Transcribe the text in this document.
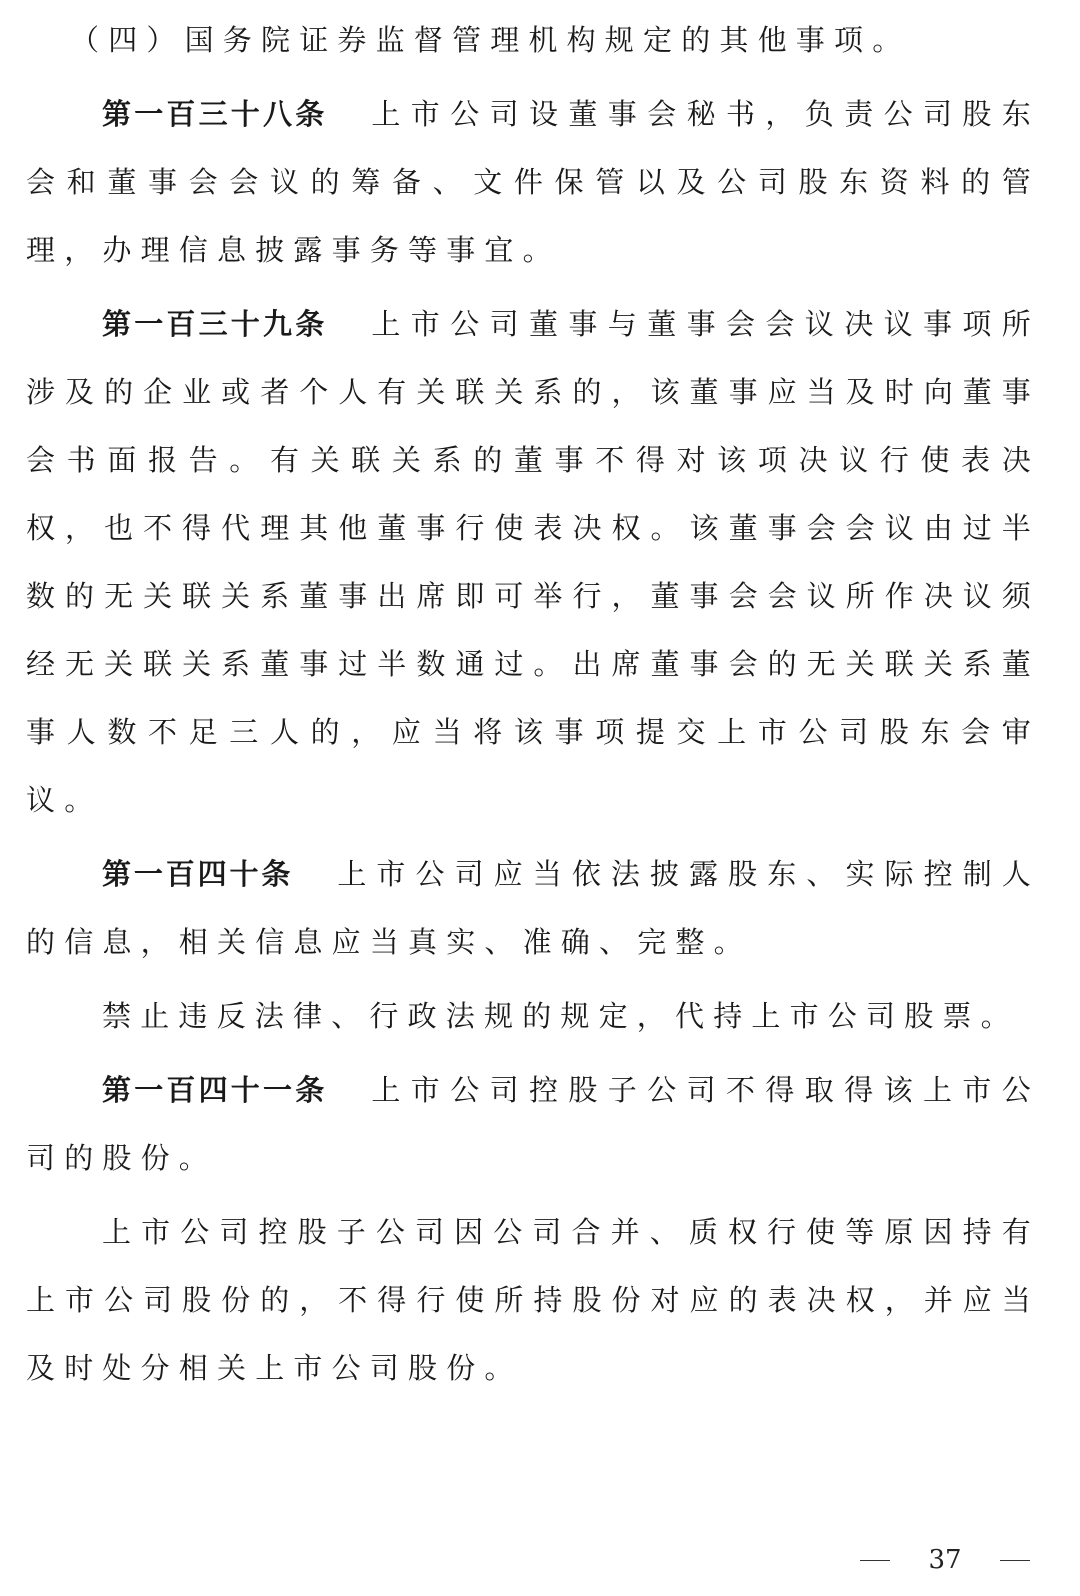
（四）国务院证券监督管理机构规定的其他事项。

第一百三十八条 上市公司设董事会秘书，负责公司股东会和董事会会议的筹备、文件保管以及公司股东资料的管理，办理信息披露事务等事宜。

第一百三十九条 上市公司董事与董事会会议决议事项所涉及的企业或者个人有关联关系的，该董事应当及时向董事会书面报告。有关联关系的董事不得对该项决议行使表决权，也不得代理其他董事行使表决权。该董事会会议由过半数的无关联关系董事出席即可举行，董事会会议所作决议须经无关联关系董事过半数通过。出席董事会的无关联关系董事人数不足三人的，应当将该事项提交上市公司股东会审议。

第一百四十条 上市公司应当依法披露股东、实际控制人的信息，相关信息应当真实、准确、完整。

禁止违反法律、行政法规的规定，代持上市公司股票。

第一百四十一条 上市公司控股子公司不得取得该上市公司的股份。

上市公司控股子公司因公司合并、质权行使等原因持有上市公司股份的，不得行使所持股份对应的表决权，并应当及时处分相关上市公司股份。

37
